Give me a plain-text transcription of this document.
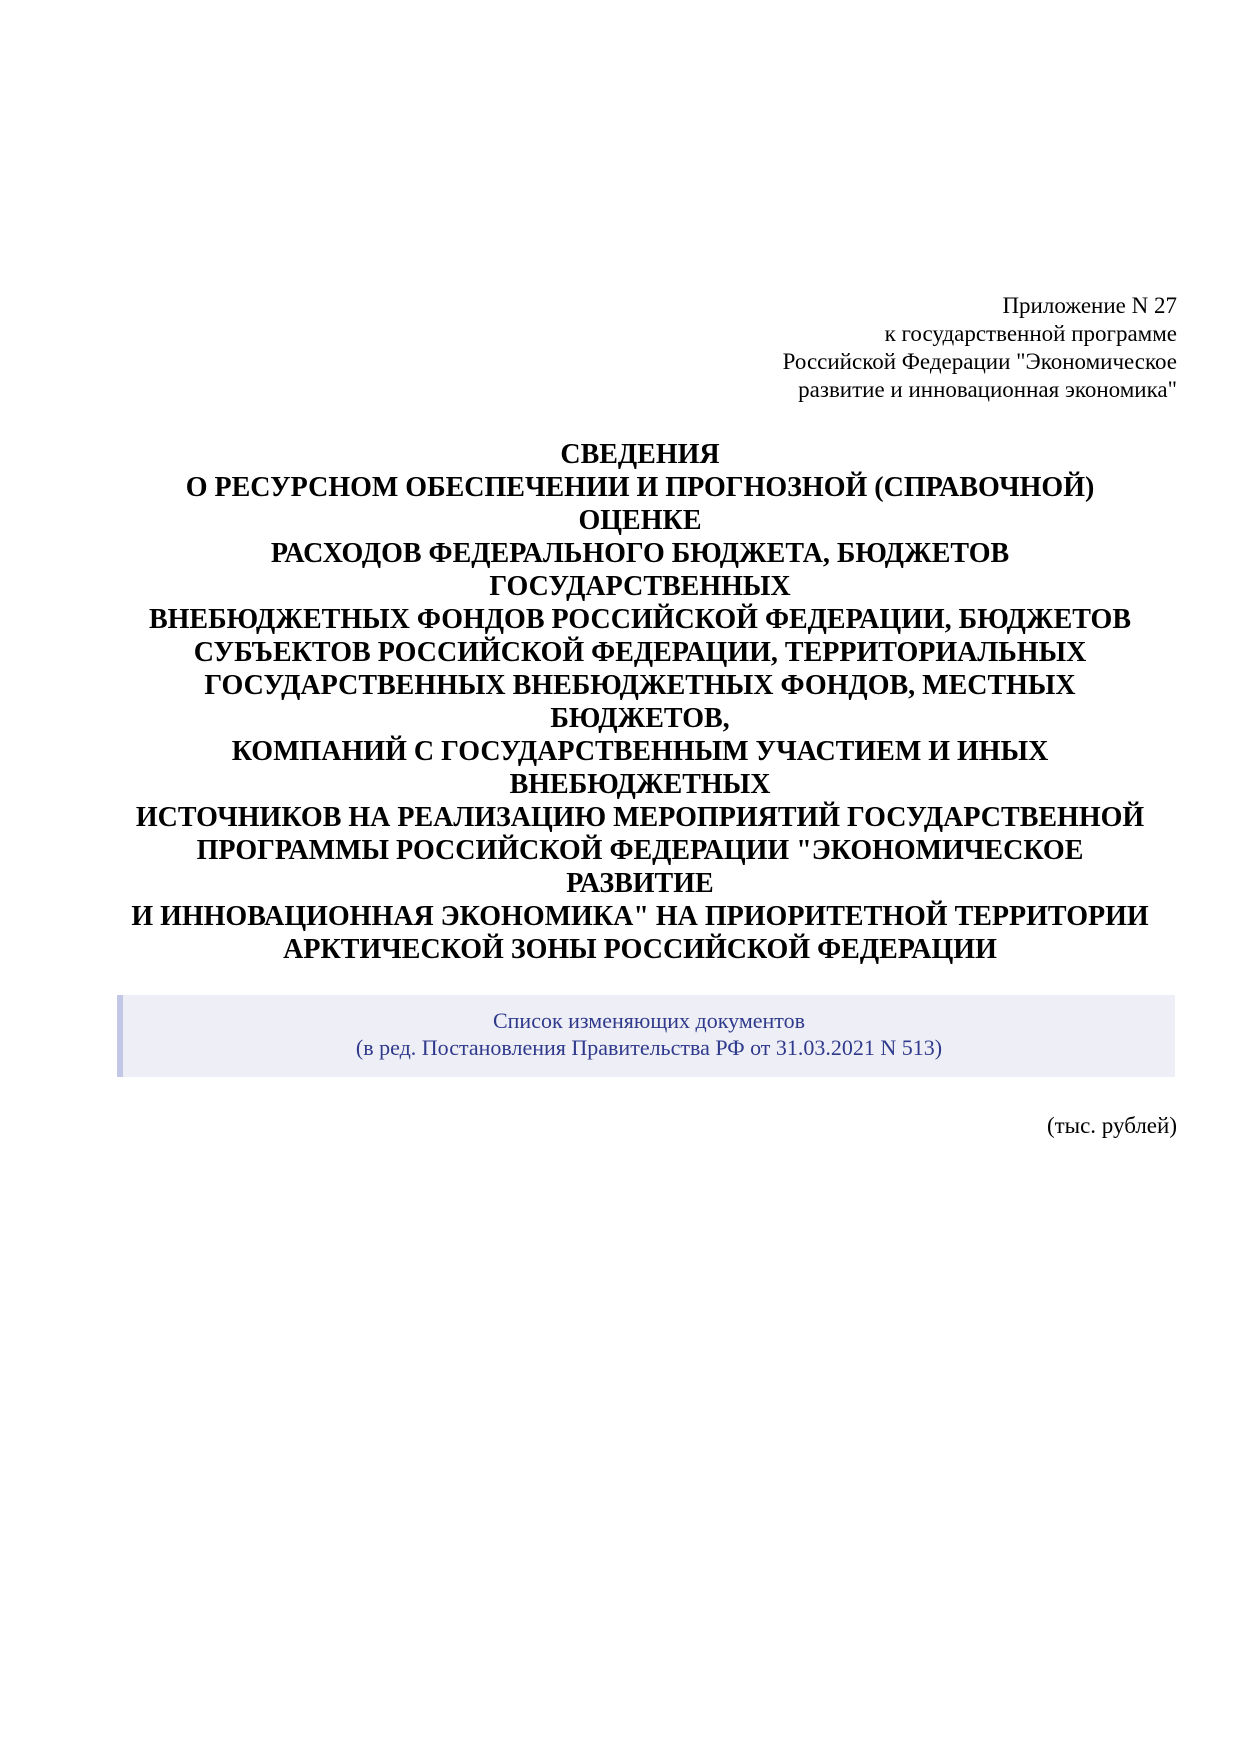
Приложение N 27
к государственной программе
Российской Федерации "Экономическое
развитие и инновационная экономика"
СВЕДЕНИЯ
О РЕСУРСНОМ ОБЕСПЕЧЕНИИ И ПРОГНОЗНОЙ (СПРАВОЧНОЙ)
ОЦЕНКЕ
РАСХОДОВ ФЕДЕРАЛЬНОГО БЮДЖЕТА, БЮДЖЕТОВ
ГОСУДАРСТВЕННЫХ
ВНЕБЮДЖЕТНЫХ ФОНДОВ РОССИЙСКОЙ ФЕДЕРАЦИИ, БЮДЖЕТОВ
СУБЪЕКТОВ РОССИЙСКОЙ ФЕДЕРАЦИИ, ТЕРРИТОРИАЛЬНЫХ
ГОСУДАРСТВЕННЫХ ВНЕБЮДЖЕТНЫХ ФОНДОВ, МЕСТНЫХ
БЮДЖЕТОВ,
КОМПАНИЙ С ГОСУДАРСТВЕННЫМ УЧАСТИЕМ И ИНЫХ
ВНЕБЮДЖЕТНЫХ
ИСТОЧНИКОВ НА РЕАЛИЗАЦИЮ МЕРОПРИЯТИЙ ГОСУДАРСТВЕННОЙ
ПРОГРАММЫ РОССИЙСКОЙ ФЕДЕРАЦИИ "ЭКОНОМИЧЕСКОЕ
РАЗВИТИЕ
И ИННОВАЦИОННАЯ ЭКОНОМИКА" НА ПРИОРИТЕТНОЙ ТЕРРИТОРИИ
АРКТИЧЕСКОЙ ЗОНЫ РОССИЙСКОЙ ФЕДЕРАЦИИ
Список изменяющих документов
(в ред. Постановления Правительства РФ от 31.03.2021 N 513)
(тыс. рублей)
